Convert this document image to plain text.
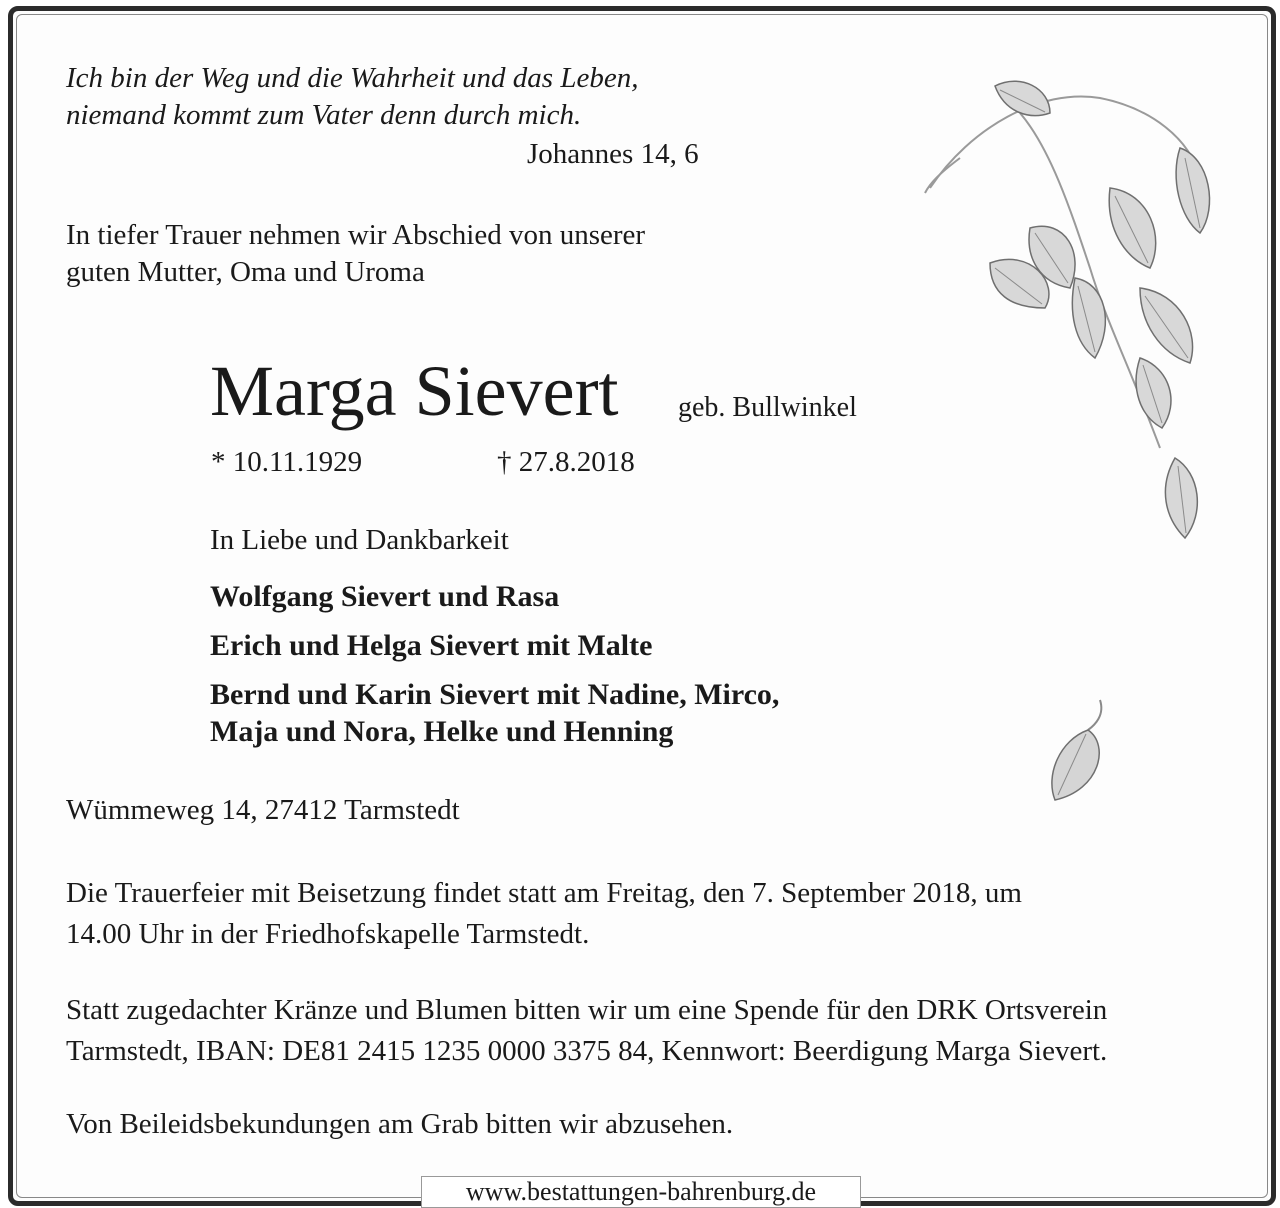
Ich bin der Weg und die Wahrheit und das Leben,
niemand kommt zum Vater denn durch mich.

Johannes 14, 6

In tiefer Trauer nehmen wir Abschied von unserer
guten Mutter, Oma und Uroma

Marga Sievert geb. Bullwinkel
* 10.11.1929	† 27.8.2018

In Liebe und Dankbarkeit

Wolfgang Sievert und Rasa

Erich und Helga Sievert mit Malte

Bernd und Karin Sievert mit Nadine, Mirco,
Maja und Nora, Helke und Henning

Wümmeweg 14, 27412 Tarmstedt

Die Trauerfeier mit Beisetzung findet statt am Freitag, den 7. September 2018, um
14.00 Uhr in der Friedhofskapelle Tarmstedt.

Statt zugedachter Kränze und Blumen bitten wir um eine Spende für den DRK Ortsverein
Tarmstedt, IBAN: DE81 2415 1235 0000 3375 84, Kennwort: Beerdigung Marga Sievert.

Von Beileidsbekundungen am Grab bitten wir abzusehen.

www.bestattungen-bahrenburg.de
